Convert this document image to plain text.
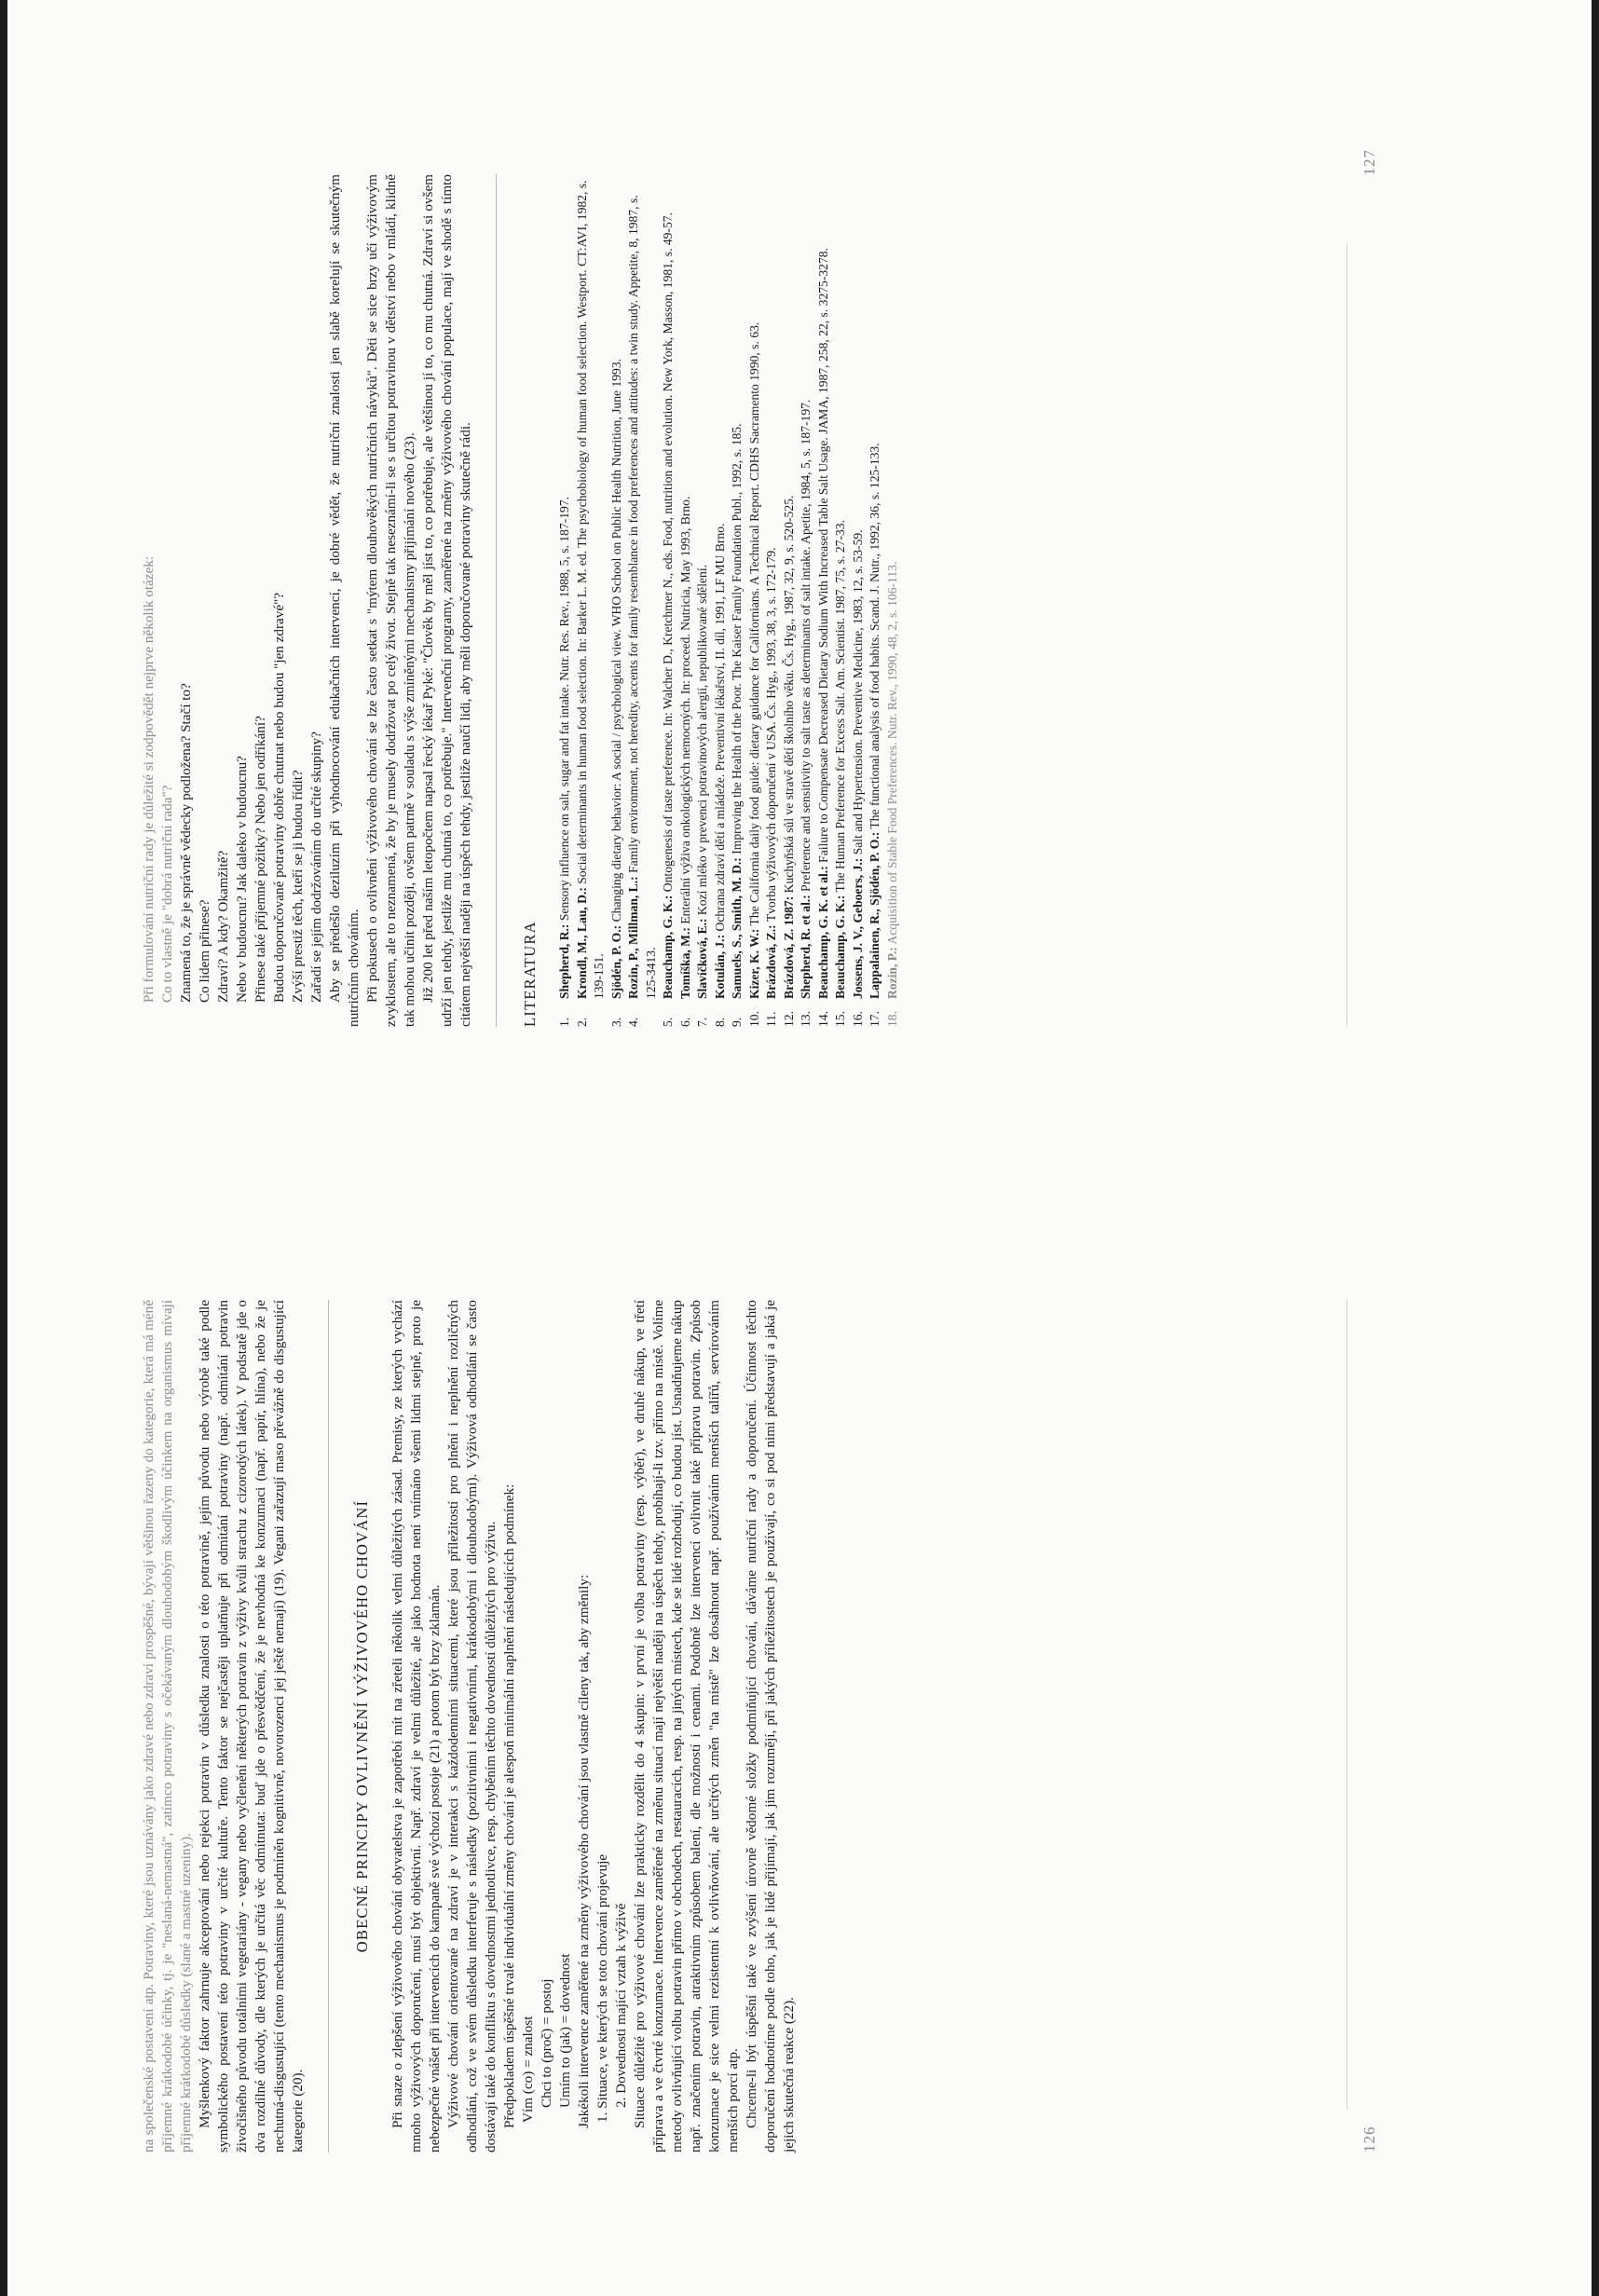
na společenské postavení atp. Potraviny, které jsou uznávány jako zdravé nebo zdraví prospěšné, bývají většinou řazeny do kategorie, která má méně příjemné krátkodobé účinky, tj. je "neslaná-nemastná", zatímco potraviny s očekávaným dlouhodobým škodlivým účinkem na organismus mívají příjemné krátkodobé důsledky (slané a mastné uzeniny). Myšlenkový faktor zahrnuje akceptování nebo rejekci potravin v důsledku znalosti o této potravině, jejím původu nebo výrobě také podle symbolického postavení této potraviny v určité kultuře. Tento faktor se nejčastěji uplatňuje při odmítání potraviny (např. odmítání potravin živočišného původu totálními vegetariány - vegany nebo vyčlenění některých potravin z výživy kvůli strachu z cizorodých látek). V podstatě jde o dva rozdílné důvody, dle kterých je určitá věc odmítnuta: buď jde o přesvědčení, že je nevhodná ke konzumaci (např. papír, hlína), nebo že je nechutná-disgustující (tento mechanismus je podmíněn kognitivně, novorozenci jej ještě nemají) (19). Vegani zařazují maso převážně do disgustující kategorie (20).

OBECNÉ PRINCIPY OVLIVNĚNÍ VÝŽIVOVÉHO CHOVÁNÍ Při snaze o zlepšení výživového chování obyvatelstva je zapotřebí mít na zřeteli několik velmi důležitých zásad. Premisy, ze kterých vychází mnoho výživových doporučení, musí být objektivní. Např. zdraví je velmi důležité, ale jako hodnota není vnímáno všemi lidmi stejně, proto je nebezpečné vnášet při intervencích do kampaně své výchozí postoje (21) a potom být brzy zklamán. Výživové chování orientované na zdraví je v interakci s každodenními situacemi, které jsou příležitostí pro plnění i neplnění rozličných odhodlání, což ve svém důsledku interferuje s následky (pozitivními i negativními, krátkodobými i dlouhodobými). Výživová odhodlání se často dostávají také do konfliktu s dovednostmi jednotlivce, resp. chyběním těchto dovedností důležitých pro výživu. Předpokladem úspěšné trvalé individuální změny chování je alespoň minimální naplnění následujících podmínek: Vím (co) = znalost Chci to (proč) = postoj Umím to (jak) = dovednost Jakékoli intervence zaměřené na změny výživového chování jsou vlastně cíleny tak, aby změnily: 1. Situace, ve kterých se toto chování projevuje 2. Dovednosti mající vztah k výživě Situace důležité pro výživové chování lze prakticky rozdělit do 4 skupin: v první je volba potraviny (resp. výběr), ve druhé nákup, ve třetí příprava a ve čtvrté konzumace. Intervence zaměřené na změnu situací mají největší naději na úspěch tehdy, probíhají-li tzv. přímo na místě. Volíme metody ovlivňující volbu potravin přímo v obchodech, restauracích, resp. na jiných místech, kde se lidé rozhodují, co budou jíst. Usnadňujeme nákup např. značením potravin, atraktivním způsobem balení, dle možností i cenami. Podobně lze intervencí ovlivnit také přípravu potravin. Způsob konzumace je sice velmi rezistentní k ovlivňování, ale určitých změn "na místě" lze dosáhnout např. používáním menších talířů, servírováním menších porcí atp. Chceme-li být úspěšní také ve zvýšení úrovně vědomé složky podmiňující chování, dáváme nutriční rady a doporučení. Účinnost těchto doporučení hodnotíme podle toho, jak je lidé přijímají, jak jim rozumějí, při jakých příležitostech je používají, co si pod nimi představují a jaká je jejich skutečná reakce (22).	126

Při formulování nutriční rady je důležité si zodpovědět nejprve několik otázek: Co to vlastně je "dobrá nutriční rada"? Znamená to, že je správně vědecky podložena? Stačí to? Co lidem přinese? Zdraví? A kdy? Okamžitě? Nebo v budoucnu? Jak daleko v budoucnu? Přinese také příjemné požitky? Nebo jen odříkání? Budou doporučované potraviny dobře chutnat nebo budou "jen zdravé"? Zvýší prestiž těch, kteří se ji budou řídit? Zařadí se jejím dodržováním do určité skupiny? Aby se předešlo deziluzím při vyhodnocování edukačních intervencí, je dobré vědět, že nutriční znalosti jen slabě korelují se skutečným nutričním chováním. Při pokusech o ovlivnění výživového chování se lze často setkat s "mýtem dlouhověkých nutričních návyků". Děti se sice brzy učí výživovým zvyklostem, ale to neznamená, že by je musely dodržovat po celý život. Stejně tak neseznámí-li se s určitou potravinou v dětství nebo v mládí, klidně tak mohou učinit později, ovšem patrně v souladu s výše zmíněnými mechanismy přijímání nového (23). Již 200 let před naším letopočtem napsal řecký lékař Pyké: "Člověk by měl jíst to, co potřebuje, ale většinou jí to, co mu chutná. Zdraví si ovšem udrží jen tehdy, jestliže mu chutná to, co potřebuje." Intervenční programy, zaměřené na změny výživového chování populace, mají ve shodě s tímto citátem největší naději na úspěch tehdy, jestliže naučí lidi, aby měli doporučované potraviny skutečně rádi.	LITERATURA 1.
Shepherd, R.: Sensory influence on salt, sugar and fat intake. Nutr. Res. Rev., 1988, 5, s. 187-197.
2.
Krondl, M., Lau, D.: Social determinants in human food selection. In: Barker L. M. ed. The psychobiology of human food selection. Westport. CT:AVI, 1982, s. 139-151.
3.
Sjödén, P. O.: Changing dietary behavior: A social / psychological view. WHO School on Public Health Nutrition, June 1993.
4.
Rozin, P., Millman, L.: Family environment, not heredity, accents for family resemblance in food preferences and attitudes: a twin study. Appetite, 8, 1987, s. 125-3413.
5.
Beauchamp, G. K.: Ontogenesis of taste preference. In: Walcher D., Kretchmer N., eds. Food, nutrition and evolution. New York, Masson, 1981, s. 49-57.
6.
Tomíška, M.: Enterální výživa onkologických nemocných. In: proceed. Nutricia, May 1993, Brno.
7.
Slavíčková, E.: Kozí mléko v prevenci potravinových alergií, nepublikované sdělení.
8.
Kotulán, J.: Ochrana zdraví dětí a mládeže. Preventivní lékařství, II. díl, 1991, LF MU Brno.
9.
Samuels, S., Smith, M. D.: Improving the Health of the Poor. The Kaiser Family Foundation Publ., 1992, s. 185.
10.
Kizer, K. W.: The California daily food guide: dietary guidance for Californians. A Technical Report. CDHS Sacramento 1990, s. 63.
11.
Brázdová, Z.: Tvorba výživových doporučení v USA. Čs. Hyg., 1993, 38, 3, s. 172-179.
12.
Brázdová, Z. 1987: Kuchyňská sůl ve stravě dětí školního věku. Čs. Hyg., 1987, 32, 9, s. 520-525.
13.
Shepherd, R. et al.: Preference and sensitivity to salt taste as determinants of salt intake. Apetite, 1984, 5, s. 187-197.
14.
Beauchamp, G. K. et al.: Failure to Compensate Decreased Dietary Sodium With Increased Table Salt Usage. JAMA, 1987, 258, 22, s. 3275-3278.
15.
Beauchamp, G. K.: The Human Preference for Excess Salt. Am. Scientist. 1987, 75, s. 27-33.
16.
Jossens, J. V., Geboers, J.: Salt and Hypertension. Preventive Medicine, 1983, 12, s. 53-59.
17.
Lappalainen, R., Sjödén, P. O.: The functional analysis of food habits. Scand. J. Nutr., 1992, 36, s. 125-133.
18.
Rozin, P.: Acquisition of Stable Food Preferences. Nutr. Rev., 1990, 48, 2, s. 106-113.
127
